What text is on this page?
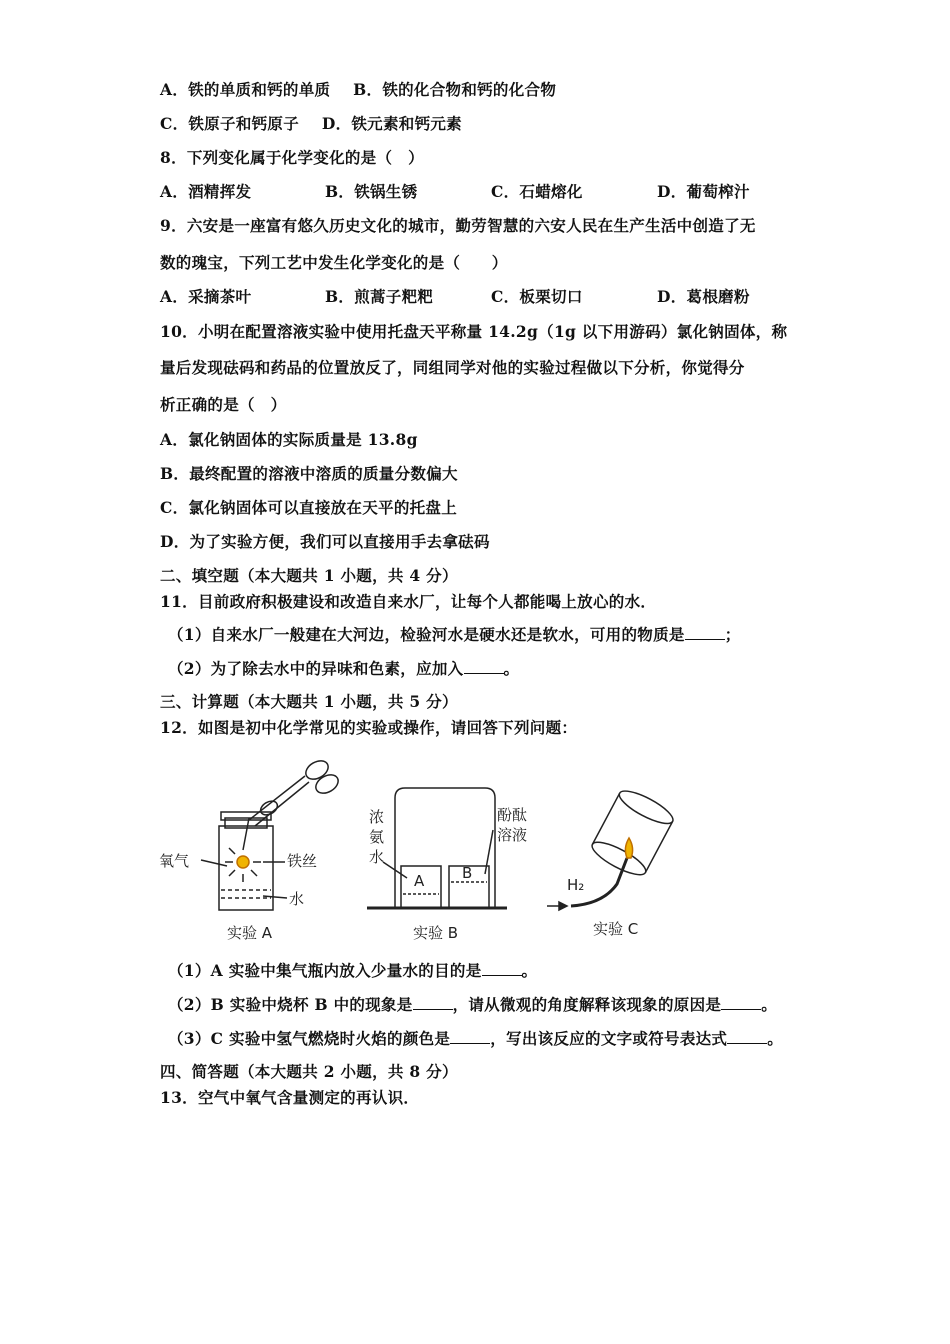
A．铁的单质和钙的单质 B．铁的化合物和钙的化合物
C．铁原子和钙原子 D．铁元素和钙元素
8．下列变化属于化学变化的是（　）
A．酒精挥发	B．铁锅生锈	C．石蜡熔化	D．葡萄榨汁
9．六安是一座富有悠久历史文化的城市，勤劳智慧的六安人民在生产生活中创造了无
数的瑰宝，下列工艺中发生化学变化的是（　　）
A．采摘茶叶	B．煎蒿子粑粑	C．板栗切口	D．葛根磨粉
10．小明在配置溶液实验中使用托盘天平称量 14.2g（1g 以下用游码）氯化钠固体，称
量后发现砝码和药品的位置放反了，同组同学对他的实验过程做以下分析，你觉得分
析正确的是（　）
A．氯化钠固体的实际质量是 13.8g
B．最终配置的溶液中溶质的质量分数偏大
C．氯化钠固体可以直接放在天平的托盘上
D．为了实验方便，我们可以直接用手去拿砝码
二、填空题（本大题共 1 小题，共 4 分）
11．目前政府积极建设和改造自来水厂，让每个人都能喝上放心的水．
（1）自来水厂一般建在大河边，检验河水是硬水还是软水，可用的物质是	；
（2）为了除去水中的异味和色素，应加入	。
三、计算题（本大题共 1 小题，共 5 分）
12．如图是初中化学常见的实验或操作，请回答下列问题：
氧气	铁丝
水
实验 A
浓
氨
水
酚酞
溶液
A	B
实验 B
H₂
实验 C
（1）A 实验中集气瓶内放入少量水的目的是	。
（2）B 实验中烧杯 B 中的现象是	，请从微观的角度解释该现象的原因是	。
（3）C 实验中氢气燃烧时火焰的颜色是	，写出该反应的文字或符号表达式	。
四、简答题（本大题共 2 小题，共 8 分）
13．空气中氧气含量测定的再认识．
